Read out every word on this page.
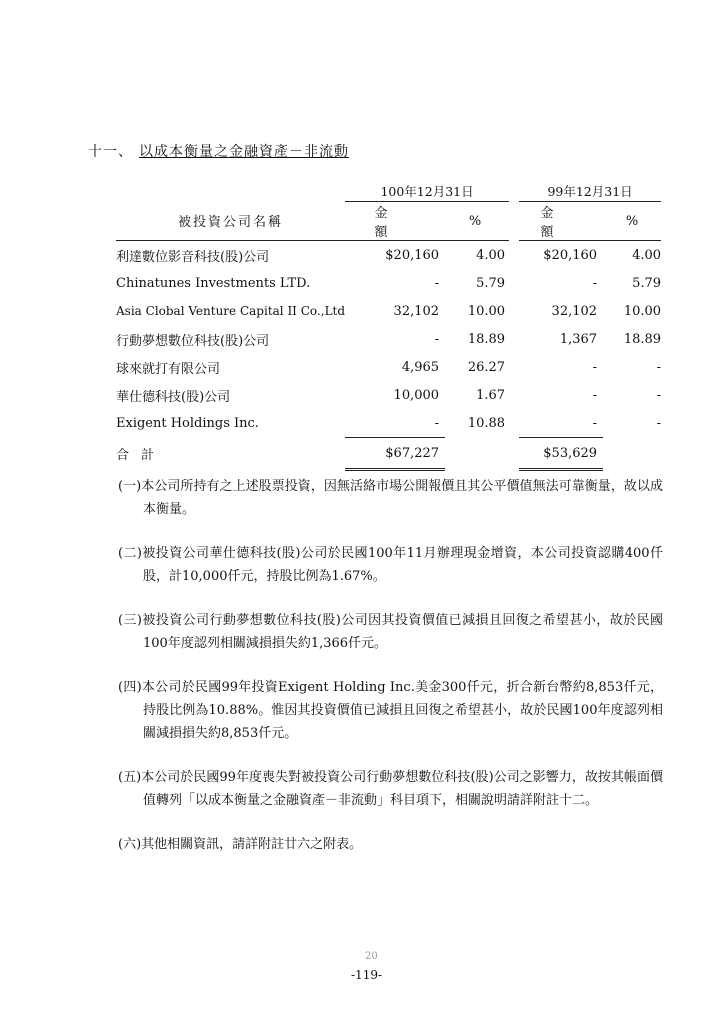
十一、 以成本衡量之金融資產－非流動
	100年12月31日			99年12月31日	
被投資公司名稱	金 額	%		金 額	%
利達數位影音科技(股)公司	$20,160	4.00		$20,160	4.00
Chinatunes Investments LTD.	-	5.79		-	5.79
Asia Clobal Venture Capital II Co.,Ltd	32,102	10.00		32,102	10.00
行動夢想數位科技(股)公司	-	18.89		1,367	18.89
球來就打有限公司	4,965	26.27		-	-
華仕德科技(股)公司	10,000	1.67		-	-
Exigent Holdings Inc.	-	10.88		-	-
合計	$67,227			$53,629	
(一)本公司所持有之上述股票投資，因無活絡市場公開報價且其公平價值無法可靠衡量，故以成本衡量。
(二)被投資公司華仕德科技(股)公司於民國100年11月辦理現金增資，本公司投資認購400仟股，計10,000仟元，持股比例為1.67%。
(三)被投資公司行動夢想數位科技(股)公司因其投資價值已減損且回復之希望甚小，故於民國100年度認列相關減損損失約1,366仟元。
(四)本公司於民國99年投資Exigent Holding Inc.美金300仟元，折合新台幣約8,853仟元，持股比例為10.88%。惟因其投資價值已減損且回復之希望甚小，故於民國100年度認列相關減損損失約8,853仟元。
(五)本公司於民國99年度喪失對被投資公司行動夢想數位科技(股)公司之影響力，故按其帳面價值轉列「以成本衡量之金融資產－非流動」科目項下，相關說明請詳附註十二。
(六)其他相關資訊，請詳附註廿六之附表。
20
-119-
